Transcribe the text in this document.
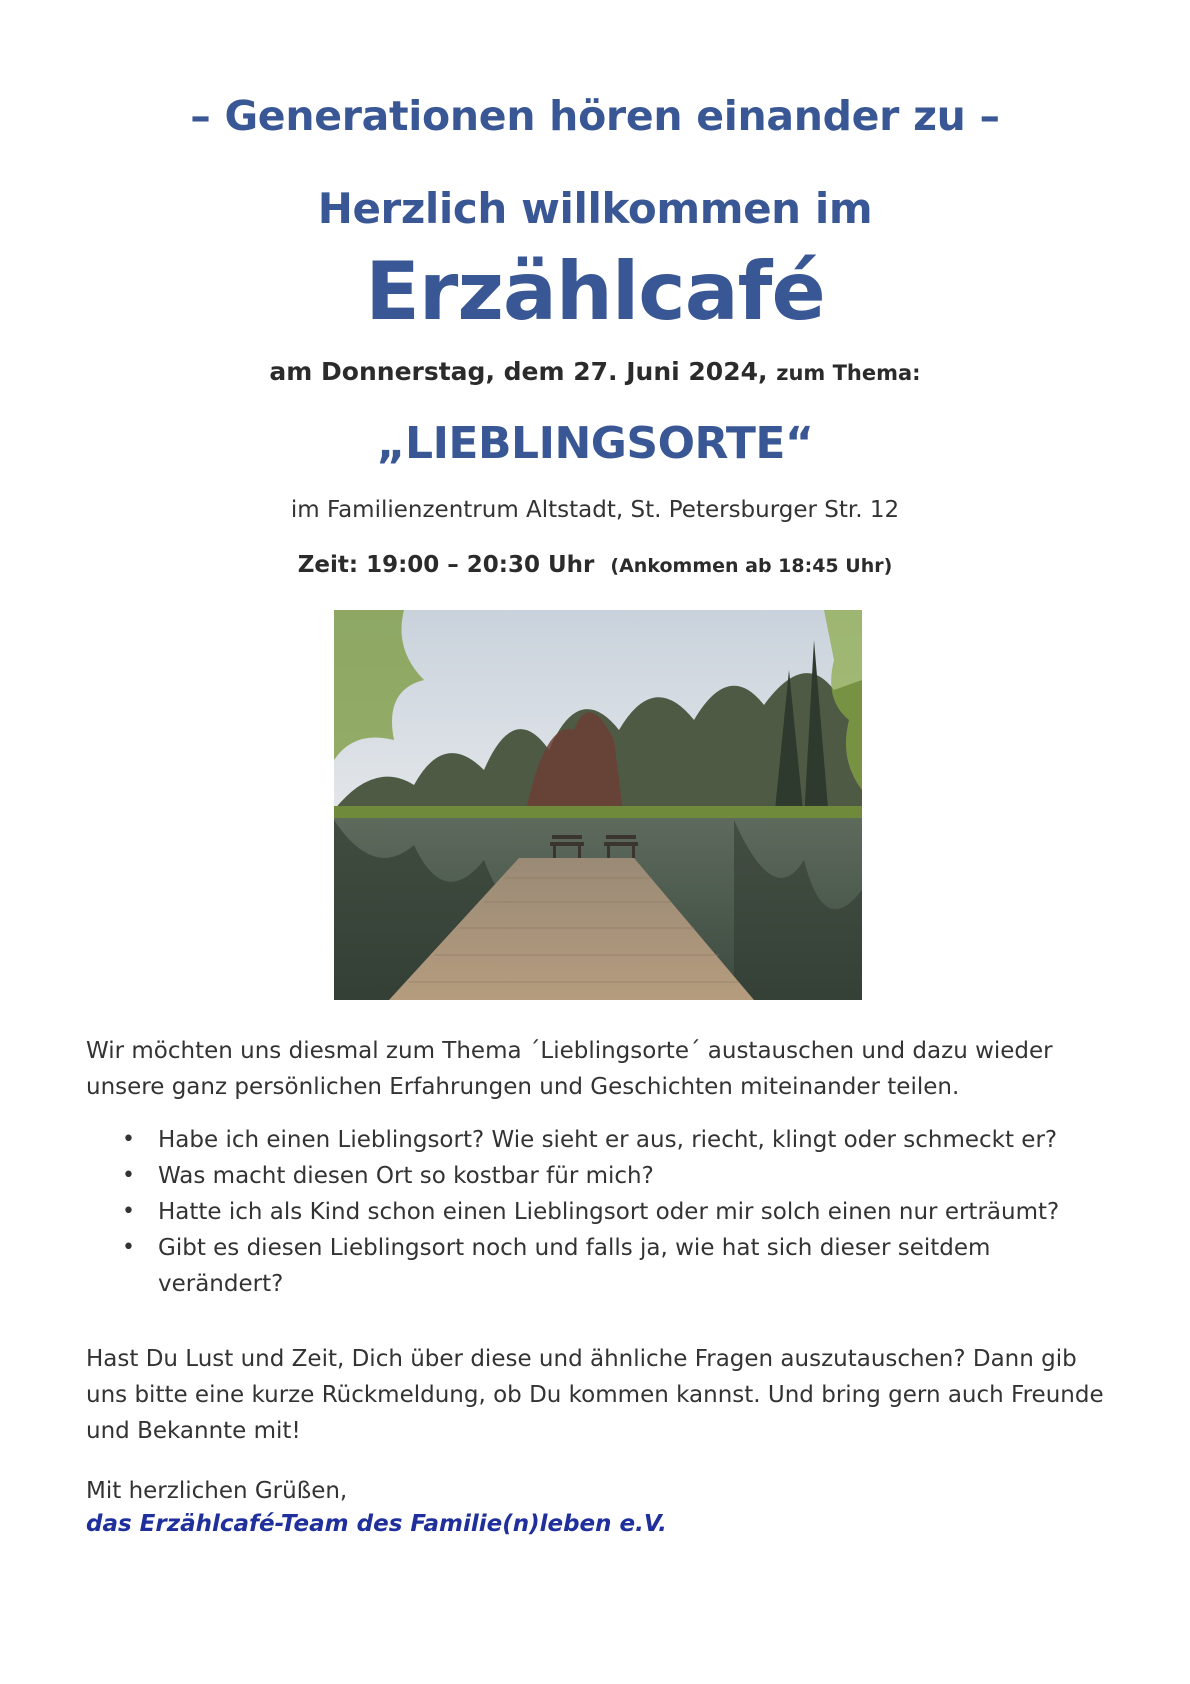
– Generationen hören einander zu –
Herzlich willkommen im
Erzählcafé
am Donnerstag, dem 27. Juni 2024, zum Thema:
„LIEBLINGSORTE“
im Familienzentrum Altstadt, St. Petersburger Str. 12
Zeit: 19:00 – 20:30 Uhr (Ankommen ab 18:45 Uhr)
Wir möchten uns diesmal zum Thema ´Lieblingsorte´ austauschen und dazu wieder unsere ganz persönlichen Erfahrungen und Geschichten miteinander teilen.
• Habe ich einen Lieblingsort? Wie sieht er aus, riecht, klingt oder schmeckt er?
• Was macht diesen Ort so kostbar für mich?
• Hatte ich als Kind schon einen Lieblingsort oder mir solch einen nur erträumt?
• Gibt es diesen Lieblingsort noch und falls ja, wie hat sich dieser seitdem verändert?
Hast Du Lust und Zeit, Dich über diese und ähnliche Fragen auszutauschen? Dann gib uns bitte eine kurze Rückmeldung, ob Du kommen kannst. Und bring gern auch Freunde und Bekannte mit!
Mit herzlichen Grüßen,
das Erzählcafé-Team des Familie(n)leben e.V.
